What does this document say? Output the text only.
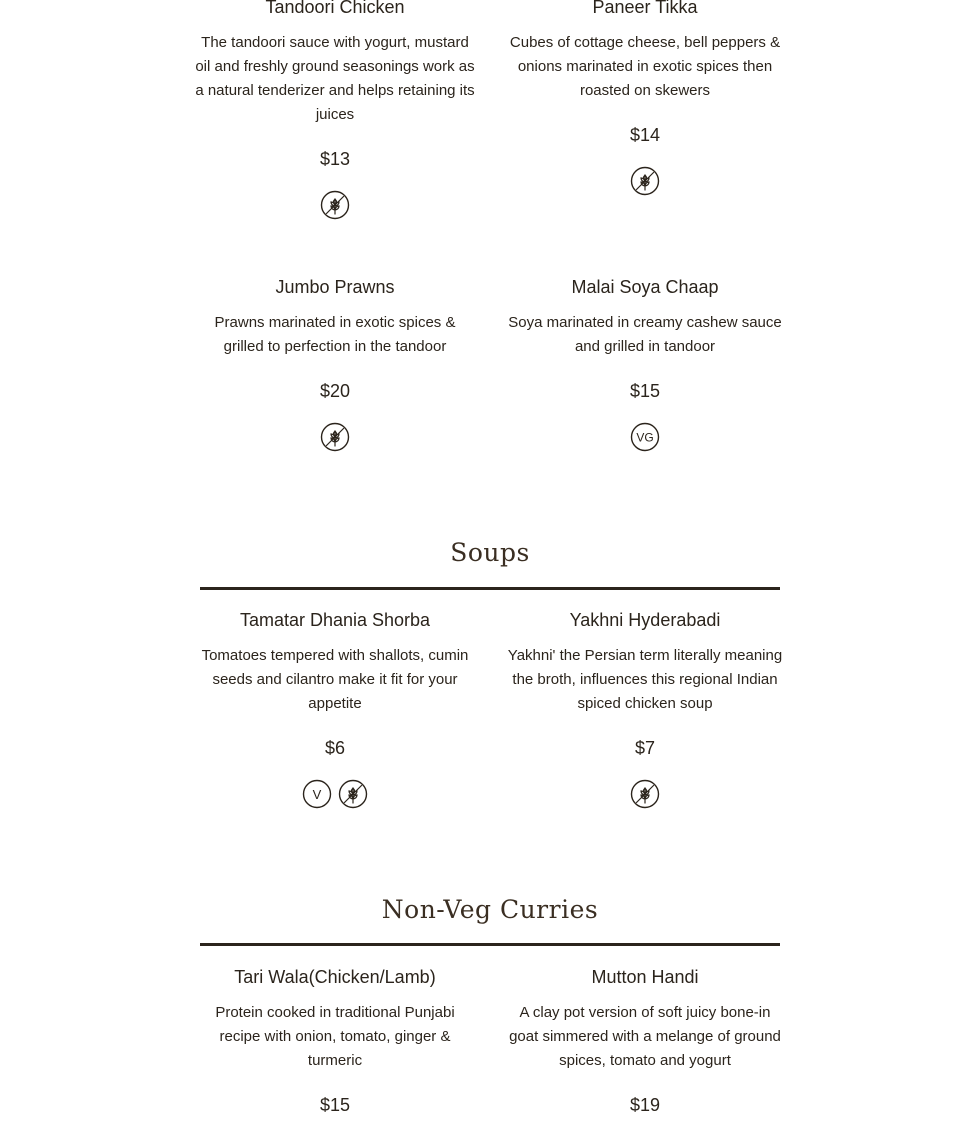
Tandoori Chicken
The tandoori sauce with yogurt, mustard oil and freshly ground seasonings work as a natural tenderizer and helps retaining its juices
$13
Paneer Tikka
Cubes of cottage cheese, bell peppers & onions marinated in exotic spices then roasted on skewers
$14
Jumbo Prawns
Prawns marinated in exotic spices & grilled to perfection in the tandoor
$20
Malai Soya Chaap
Soya marinated in creamy cashew sauce and grilled in tandoor
$15
VG
Soups
Tamatar Dhania Shorba
Tomatoes tempered with shallots, cumin seeds and cilantro make it fit for your appetite
$6
V
Yakhni Hyderabadi
Yakhni' the Persian term literally meaning the broth, influences this regional Indian spiced chicken soup
$7
Non-Veg Curries
Tari Wala(Chicken/Lamb)
Protein cooked in traditional Punjabi recipe with onion, tomato, ginger & turmeric
$15
Mutton Handi
A clay pot version of soft juicy bone-in goat simmered with a melange of ground spices, tomato and yogurt
$19
